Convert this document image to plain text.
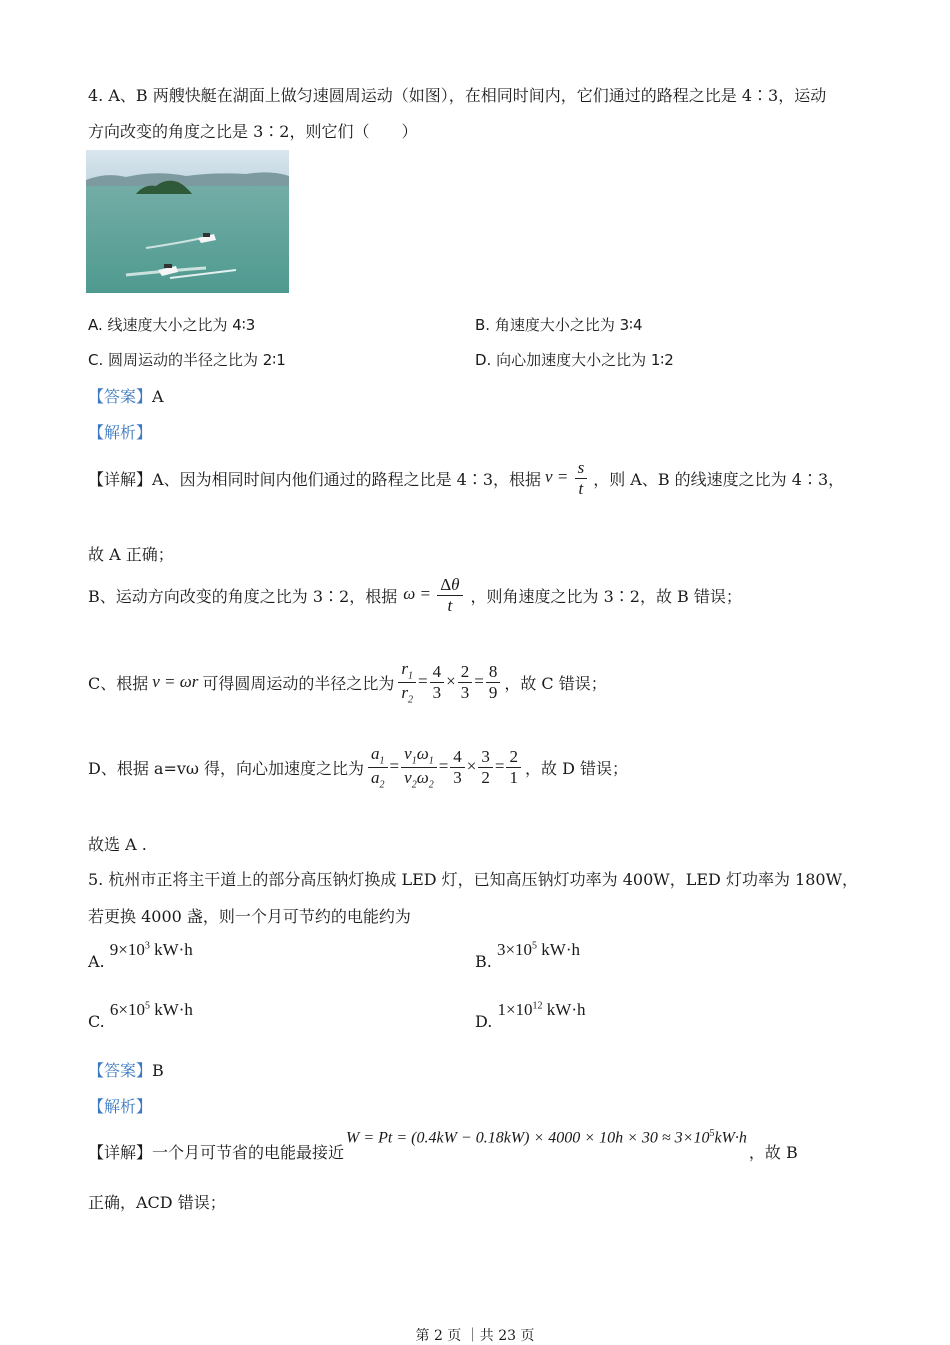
4. A、B 两艘快艇在湖面上做匀速圆周运动（如图），在相同时间内，它们通过的路程之比是 4∶3，运动
方向改变的角度之比是 3∶2，则它们（　　）
A. 线速度大小之比为 4∶3	B. 角速度大小之比为 3∶4
C. 圆周运动的半径之比为 2∶1	D. 向心加速度大小之比为 1∶2
【答案】A
【解析】
【详解】 A、因为相同时间内他们通过的路程之比是 4∶3，根据 $v = \frac{s}{t}$ ，则 A、B 的线速度之比为 4∶3，
故 A 正确；
B、运动方向改变的角度之比为 3∶2，根据 $\omega = \frac{\Delta\theta}{t}$ ，则角速度之比为 3∶2，故 B 错误；
C、根据 v = ωr 可得圆周运动的半径之比为 $\frac{r_1}{r_2} = \frac{4}{3} \times \frac{2}{3} = \frac{8}{9}$ ，故 C 错误；
D、根据 a=vω 得，向心加速度之比为 $\frac{a_1}{a_2} = \frac{v_1\omega_1}{v_2\omega_2} = \frac{4}{3} \times \frac{3}{2} = \frac{2}{1}$ ，故 D 错误；
故选 A .
5. 杭州市正将主干道上的部分高压钠灯换成 LED 灯，已知高压钠灯功率为 400W，LED 灯功率为 180W，
若更换 4000 盏，则一个月可节约的电能约为
A. $9\times 10^3$ kW·h
B. $3\times 10^5$ kW·h
C. $6\times 10^5$ kW·h
D. $1\times 10^{12}$ kW·h
【答案】B
【解析】
【详解】 一个月可节省的电能最接近
$W = Pt = (0.4kW - 0.18kW) \times 4000 \times 10h \times 30 \approx 3\times 10^5kW\cdot h$
，故 B
正确，ACD 错误；
第 2 页 ｜共 23 页
